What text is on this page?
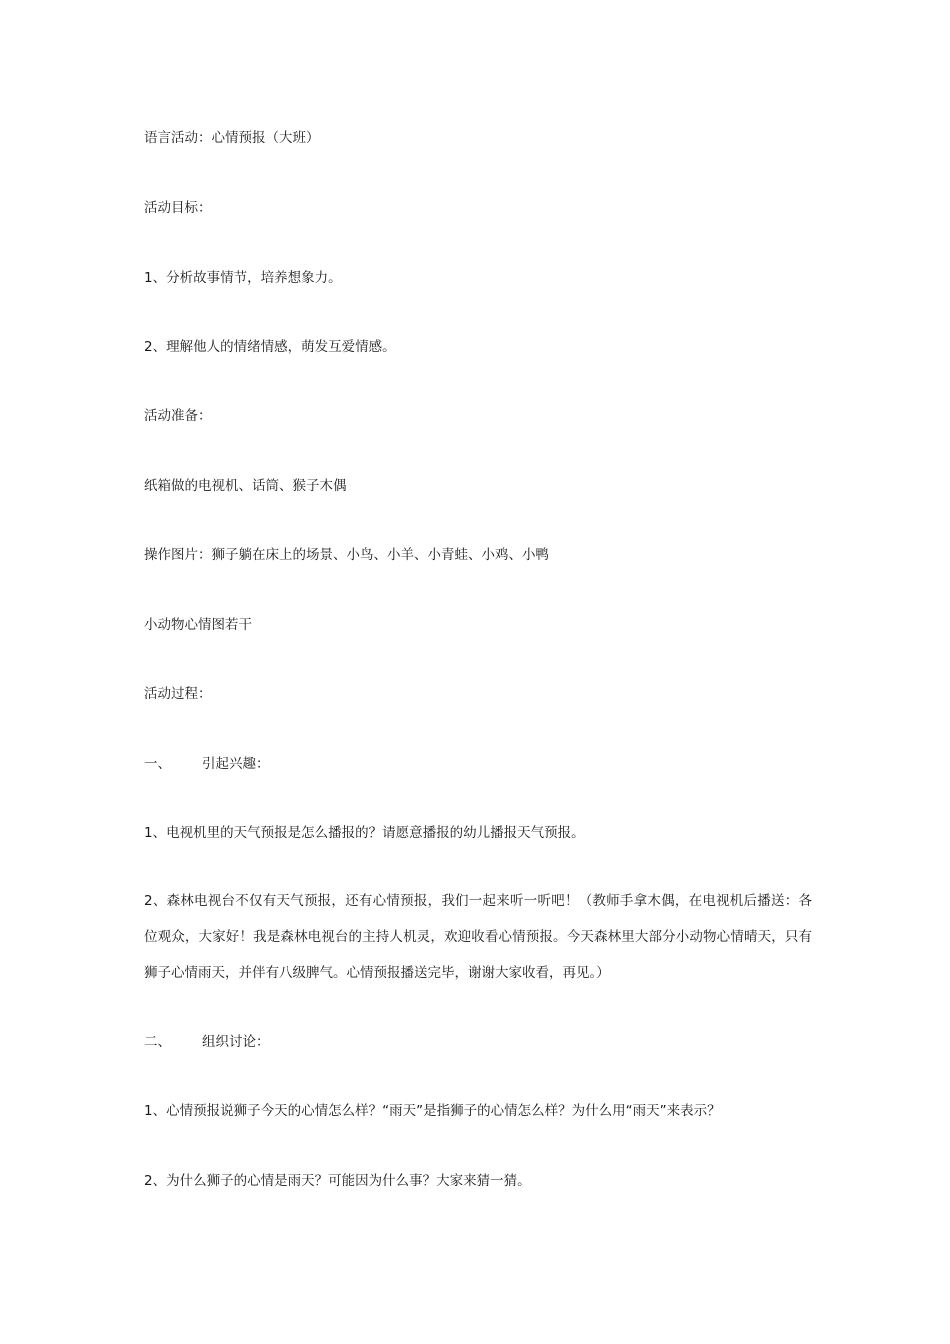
语言活动：心情预报（大班）
活动目标：
1、分析故事情节，培养想象力。
2、理解他人的情绪情感，萌发互爱情感。
活动准备：
纸箱做的电视机、话筒、猴子木偶
操作图片：狮子躺在床上的场景、小鸟、小羊、小青蛙、小鸡、小鸭
小动物心情图若干
活动过程：
一、 引起兴趣：
1、电视机里的天气预报是怎么播报的？请愿意播报的幼儿播报天气预报。
2、森林电视台不仅有天气预报，还有心情预报，我们一起来听一听吧！（教师手拿木偶，在电视机后播送：各位观众，大家好！我是森林电视台的主持人机灵，欢迎收看心情预报。今天森林里大部分小动物心情晴天，只有狮子心情雨天，并伴有八级脾气。心情预报播送完毕，谢谢大家收看，再见。）
二、 组织讨论：
1、心情预报说狮子今天的心情怎么样？“雨天”是指狮子的心情怎么样？为什么用“雨天”来表示？
2、为什么狮子的心情是雨天？可能因为什么事？大家来猜一猜。
